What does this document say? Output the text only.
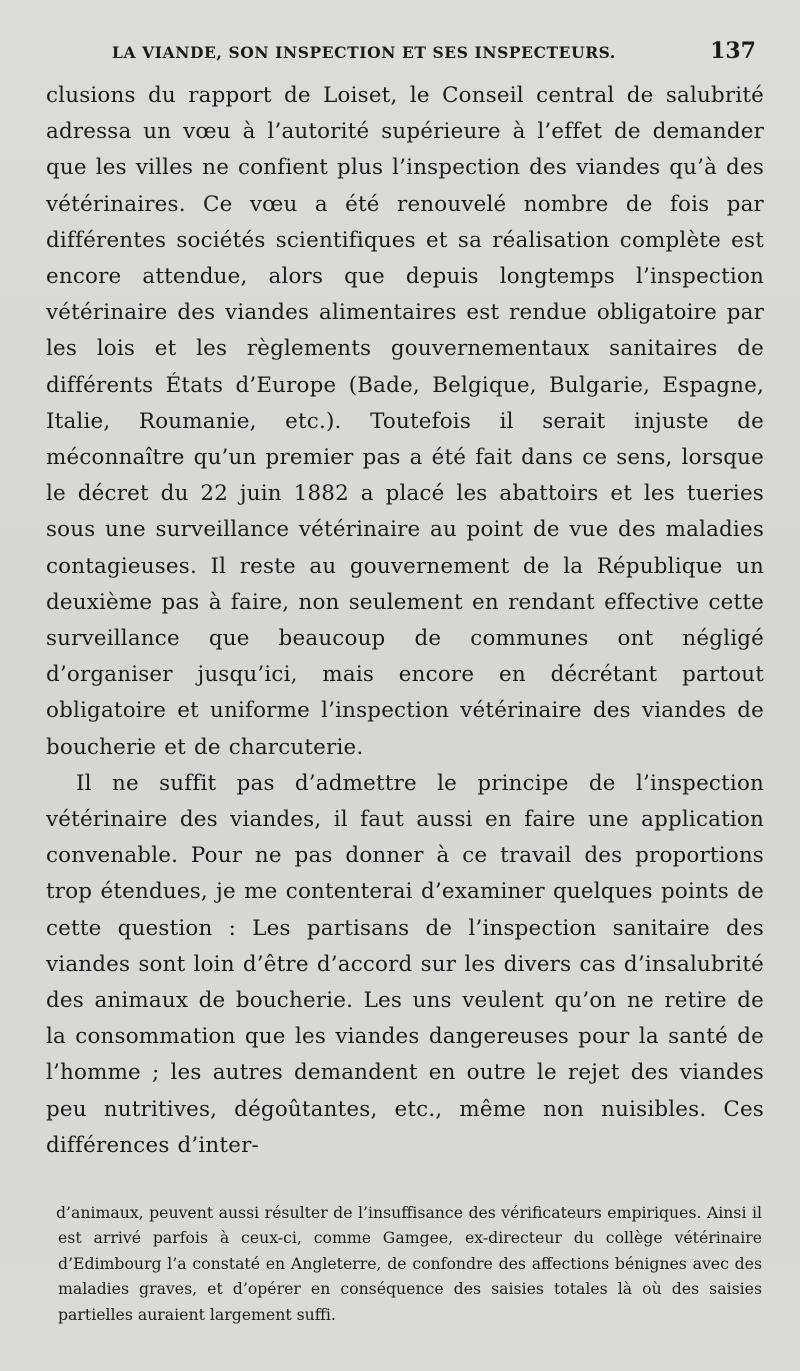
LA VIANDE, SON INSPECTION ET SES INSPECTEURS.	137

clusions du rapport de Loiset, le Conseil central de salubrité adressa un vœu à l’autorité supérieure à l’effet de demander que les villes ne confient plus l’inspection des viandes qu’à des vétérinaires. Ce vœu a été renouvelé nombre de fois par différentes sociétés scientifiques et sa réalisation complète est encore attendue, alors que depuis longtemps l’inspection vétérinaire des viandes alimentaires est rendue obligatoire par les lois et les règlements gouvernementaux sanitaires de différents États d’Europe (Bade, Belgique, Bulgarie, Espagne, Italie, Roumanie, etc.). Toutefois il serait injuste de méconnaître qu’un premier pas a été fait dans ce sens, lorsque le décret du 22 juin 1882 a placé les abattoirs et les tueries sous une surveillance vétérinaire au point de vue des maladies contagieuses. Il reste au gouvernement de la République un deuxième pas à faire, non seulement en rendant effective cette surveillance que beaucoup de communes ont négligé d’organiser jusqu’ici, mais encore en décrétant partout obligatoire et uniforme l’inspection vétérinaire des viandes de boucherie et de charcuterie.

Il ne suffit pas d’admettre le principe de l’inspection vétérinaire des viandes, il faut aussi en faire une application convenable. Pour ne pas donner à ce travail des proportions trop étendues, je me contenterai d’examiner quelques points de cette question : Les partisans de l’inspection sanitaire des viandes sont loin d’être d’accord sur les divers cas d’insalubrité des animaux de boucherie. Les uns veulent qu’on ne retire de la consommation que les viandes dangereuses pour la santé de l’homme ; les autres demandent en outre le rejet des viandes peu nutritives, dégoûtantes, etc., même non nuisibles. Ces différences d’inter-

d’animaux, peuvent aussi résulter de l’insuffisance des vérificateurs empiriques. Ainsi il est arrivé parfois à ceux-ci, comme Gamgee, ex-directeur du collège vétérinaire d’Edimbourg l’a constaté en Angleterre, de confondre des affections bénignes avec des maladies graves, et d’opérer en conséquence des saisies totales là où des saisies partielles auraient largement suffi.
